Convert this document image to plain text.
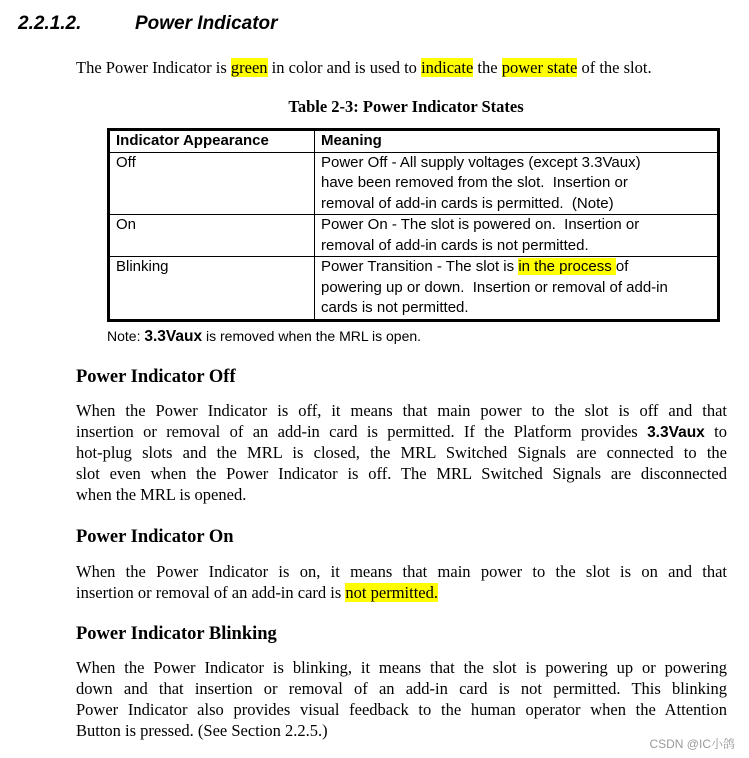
2.2.1.2.	Power Indicator
The Power Indicator is green in color and is used to indicate the power state of the slot.
Table 2-3: Power Indicator States
Indicator Appearance	Meaning
Off	Power Off - All supply voltages (except 3.3Vaux)
have been removed from the slot.  Insertion or
removal of add-in cards is permitted.  (Note)

On	Power On - The slot is powered on.  Insertion or
removal of add-in cards is not permitted.

Blinking	Power Transition - The slot is in the process of
powering up or down.  Insertion or removal of add-in
cards is not permitted.
Note: 3.3Vaux is removed when the MRL is open.
Power Indicator Off
When the Power Indicator is off, it means that main power to the slot is off and that
insertion or removal of an add-in card is permitted. If the Platform provides 3.3Vaux to
hot-plug slots and the MRL is closed, the MRL Switched Signals are connected to the
slot even when the Power Indicator is off. The MRL Switched Signals are disconnected
when the MRL is opened.
Power Indicator On
When the Power Indicator is on, it means that main power to the slot is on and that
insertion or removal of an add-in card is not permitted.
Power Indicator Blinking
When the Power Indicator is blinking, it means that the slot is powering up or powering
down and that insertion or removal of an add-in card is not permitted. This blinking
Power Indicator also provides visual feedback to the human operator when the Attention
Button is pressed. (See Section 2.2.5.)
CSDN @IC小鸽
